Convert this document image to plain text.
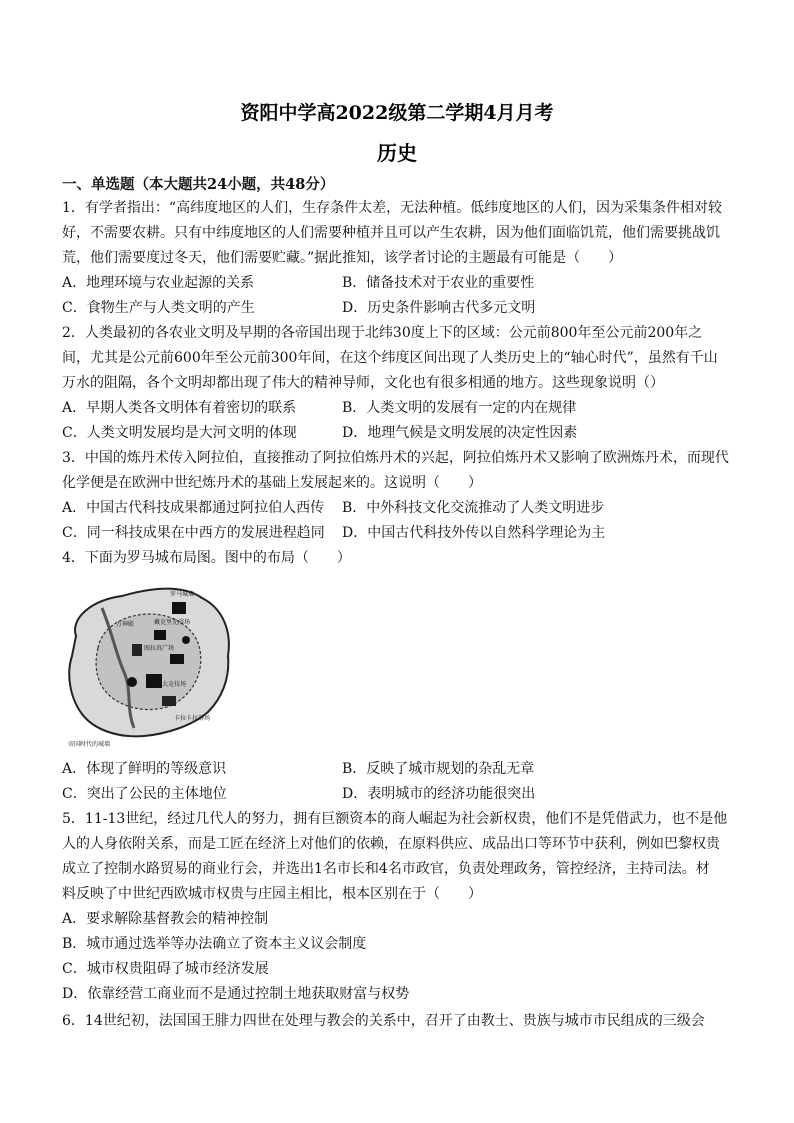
资阳中学高2022级第二学期4月月考
历史
一、单选题（本大题共24小题，共48分）
1．有学者指出：“高纬度地区的人们，生存条件太差，无法种植。低纬度地区的人们，因为采集条件相对较
好，不需要农耕。只有中纬度地区的人们需要种植并且可以产生农耕，因为他们面临饥荒，他们需要挑战饥
荒，他们需要度过冬天，他们需要贮藏。”据此推知，该学者讨论的主题最有可能是（　　）
A．地理环境与农业起源的关系	B．储备技术对于农业的重要性
C．食物生产与人类文明的产生	D．历史条件影响古代多元文明
2．人类最初的各农业文明及早期的各帝国出现于北纬30度上下的区域：公元前800年至公元前200年之
间，尤其是公元前600年至公元前300年间，在这个纬度区间出现了人类历史上的“轴心时代”，虽然有千山
万水的阻隔，各个文明却都出现了伟大的精神导师，文化也有很多相通的地方。这些现象说明（）
A．早期人类各文明体有着密切的联系	B．人类文明的发展有一定的内在规律
C．人类文明发展均是大河文明的体现	D．地理气候是文明发展的决定性因素
3．中国的炼丹术传入阿拉伯，直接推动了阿拉伯炼丹术的兴起，阿拉伯炼丹术又影响了欧洲炼丹术，而现代
化学便是在欧洲中世纪炼丹术的基础上发展起来的。这说明（　　）
A．中国古代科技成果都通过阿拉伯人西传 B．中外科技文化交流推动了人类文明进步
C．同一科技成果在中西方的发展进程趋同 D．中国古代科技外传以自然科学理论为主
4．下面为罗马城布局图。图中的布局（　　）
罗马城墙
万神殿	戴克里先浴场
图拉真广场
帝国时代的城墙
卡拉卡拉浴场
大竞技场
A．体现了鲜明的等级意识	B．反映了城市规划的杂乱无章
C．突出了公民的主体地位	D．表明城市的经济功能很突出
5．11-13世纪，经过几代人的努力，拥有巨额资本的商人崛起为社会新权贵，他们不是凭借武力，也不是他
人的人身依附关系，而是工匠在经济上对他们的依赖，在原料供应、成品出口等环节中获利，例如巴黎权贵
成立了控制水路贸易的商业行会，并选出1名市长和4名市政官，负责处理政务，管控经济，主持司法。材
料反映了中世纪西欧城市权贵与庄园主相比，根本区别在于（　　）
A．要求解除基督教会的精神控制
B．城市通过选举等办法确立了资本主义议会制度
C．城市权贵阻碍了城市经济发展
D．依靠经营工商业而不是通过控制土地获取财富与权势
6．14世纪初，法国国王腓力四世在处理与教会的关系中，召开了由教士、贵族与城市市民组成的三级会
